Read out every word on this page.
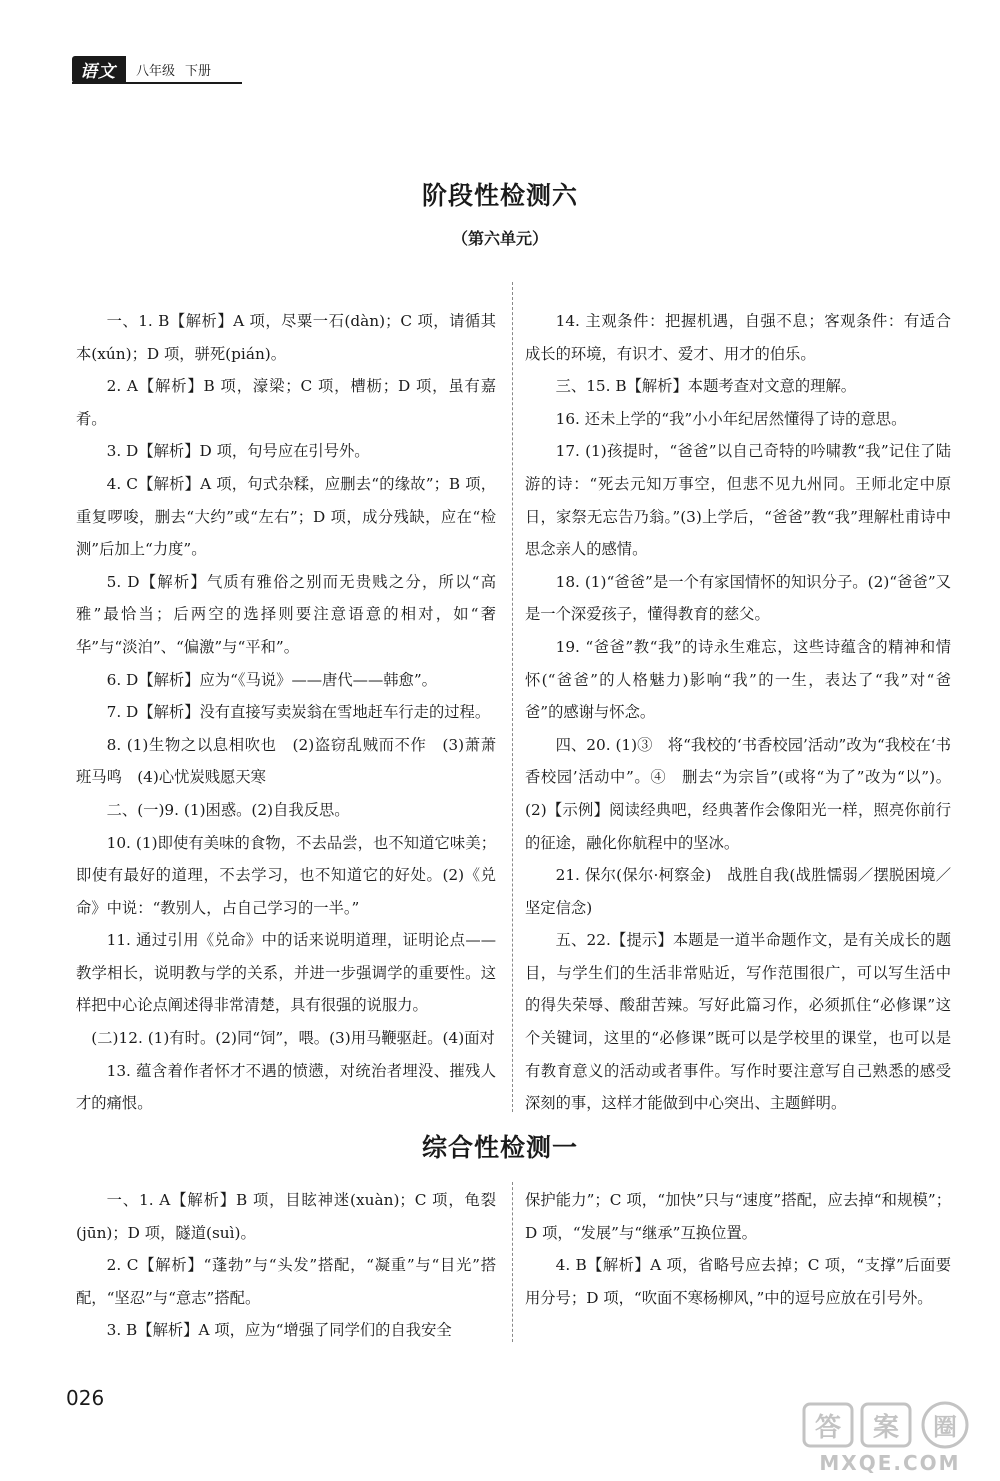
语文	八年级 下册
阶段性检测六
（第六单元）

一、1. B【解析】A 项，尽粟一石(dàn)；C 项，请循其本(xún)；D 项，骈死(pián)。

2. A【解析】B 项，濠梁；C 项，槽枥；D 项，虽有嘉肴。

3. D【解析】D 项，句号应在引号外。

4. C【解析】A 项，句式杂糅，应删去“的缘故”；B 项，重复啰唆，删去“大约”或“左右”；D 项，成分残缺，应在“检测”后加上“力度”。

5. D【解析】气质有雅俗之别而无贵贱之分，所以“高雅”最恰当；后两空的选择则要注意语意的相对，如“奢华”与“淡泊”、“偏激”与“平和”。

6. D【解析】应为“《马说》——唐代——韩愈”。

7. D【解析】没有直接写卖炭翁在雪地赶车行走的过程。

8. (1)生物之以息相吹也　(2)盗窃乱贼而不作　(3)萧萧班马鸣　(4)心忧炭贱愿天寒

二、(一)9. (1)困惑。(2)自我反思。

10. (1)即使有美味的食物，不去品尝，也不知道它味美；即使有最好的道理，不去学习，也不知道它的好处。(2)《兑命》中说：“教别人，占自己学习的一半。”

11. 通过引用《兑命》中的话来说明道理，证明论点——教学相长，说明教与学的关系，并进一步强调学的重要性。这样把中心论点阐述得非常清楚，具有很强的说服力。

(二)12. (1)有时。(2)同“饲”，喂。(3)用马鞭驱赶。(4)面对

13. 蕴含着作者怀才不遇的愤懑，对统治者埋没、摧残人才的痛恨。

14. 主观条件：把握机遇，自强不息；客观条件：有适合成长的环境，有识才、爱才、用才的伯乐。

三、15. B【解析】本题考查对文意的理解。

16. 还未上学的“我”小小年纪居然懂得了诗的意思。

17. (1)孩提时，“爸爸”以自己奇特的吟啸教“我”记住了陆游的诗：“死去元知万事空，但悲不见九州同。王师北定中原日，家祭无忘告乃翁。”(3)上学后，“爸爸”教“我”理解杜甫诗中思念亲人的感情。

18. (1)“爸爸”是一个有家国情怀的知识分子。(2)“爸爸”又是一个深爱孩子，懂得教育的慈父。

19. “爸爸”教“我”的诗永生难忘，这些诗蕴含的精神和情怀(“爸爸”的人格魅力)影响“我”的一生，表达了“我”对“爸爸”的感谢与怀念。

四、20. (1)③　将“我校的‘书香校园’活动”改为“我校在‘书香校园’活动中”。④　删去“为宗旨”(或将“为了”改为“以”)。(2)【示例】阅读经典吧，经典著作会像阳光一样，照亮你前行的征途，融化你航程中的坚冰。

21. 保尔(保尔·柯察金)　战胜自我(战胜懦弱／摆脱困境／坚定信念)

五、22.【提示】本题是一道半命题作文，是有关成长的题目，与学生们的生活非常贴近，写作范围很广，可以写生活中的得失荣辱、酸甜苦辣。写好此篇习作，必须抓住“必修课”这个关键词，这里的“必修课”既可以是学校里的课堂，也可以是有教育意义的活动或者事件。写作时要注意写自己熟悉的感受深刻的事，这样才能做到中心突出、主题鲜明。

综合性检测一

一、1. A【解析】B 项，目眩神迷(xuàn)；C 项，龟裂(jūn)；D 项，隧道(suì)。

2. C【解析】“蓬勃”与“头发”搭配，“凝重”与“目光”搭配，“坚忍”与“意志”搭配。

3. B【解析】A 项，应为“增强了同学们的自我安全

保护能力”；C 项，“加快”只与“速度”搭配，应去掉“和规模”；D 项，“发展”与“继承”互换位置。

4. B【解析】A 项，省略号应去掉；C 项，“支撑”后面要用分号；D 项，“吹面不寒杨柳风，”中的逗号应放在引号外。

026
答 案 圈
MXQE.COM
